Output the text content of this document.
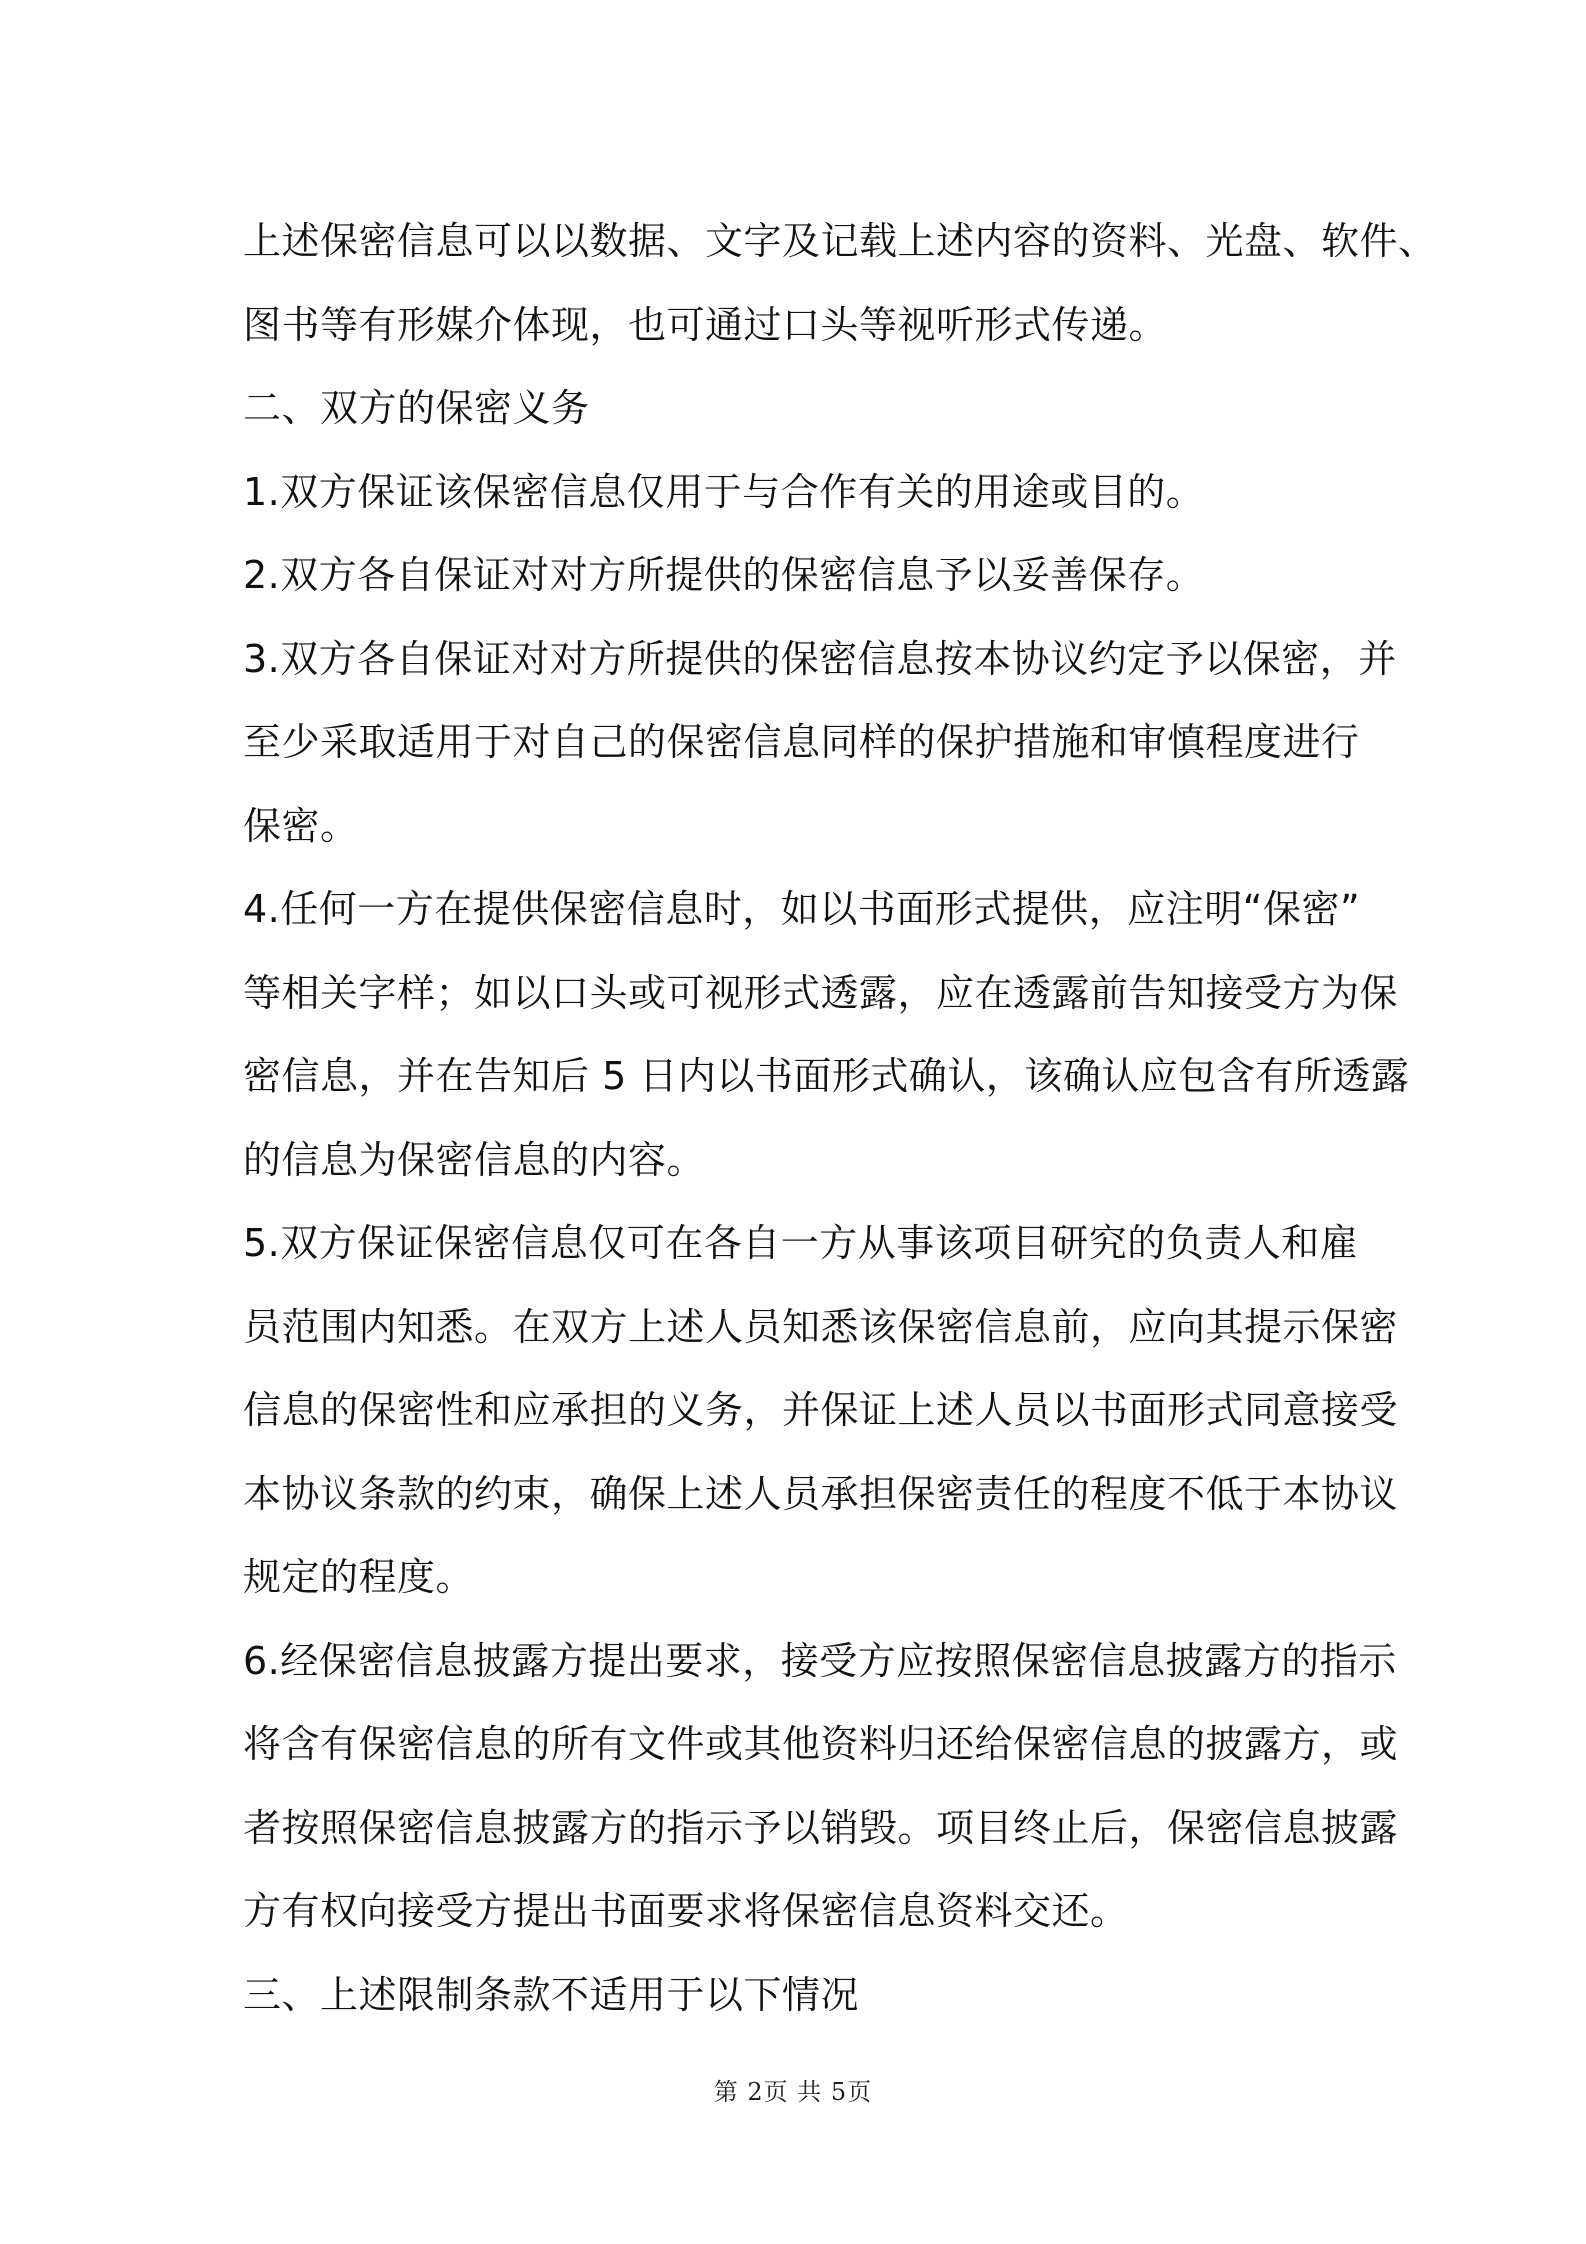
上述保密信息可以以数据、文字及记载上述内容的资料、光盘、软件、
图书等有形媒介体现，也可通过口头等视听形式传递。
二、双方的保密义务
1.双方保证该保密信息仅用于与合作有关的用途或目的。
2.双方各自保证对对方所提供的保密信息予以妥善保存。
3.双方各自保证对对方所提供的保密信息按本协议约定予以保密，并
至少采取适用于对自己的保密信息同样的保护措施和审慎程度进行
保密。
4.任何一方在提供保密信息时，如以书面形式提供，应注明“保密”
等相关字样；如以口头或可视形式透露，应在透露前告知接受方为保
密信息，并在告知后 5 日内以书面形式确认，该确认应包含有所透露
的信息为保密信息的内容。
5.双方保证保密信息仅可在各自一方从事该项目研究的负责人和雇
员范围内知悉。在双方上述人员知悉该保密信息前，应向其提示保密
信息的保密性和应承担的义务，并保证上述人员以书面形式同意接受
本协议条款的约束，确保上述人员承担保密责任的程度不低于本协议
规定的程度。
6.经保密信息披露方提出要求，接受方应按照保密信息披露方的指示
将含有保密信息的所有文件或其他资料归还给保密信息的披露方，或
者按照保密信息披露方的指示予以销毁。项目终止后，保密信息披露
方有权向接受方提出书面要求将保密信息资料交还。
三、上述限制条款不适用于以下情况
第 2页 共 5页
